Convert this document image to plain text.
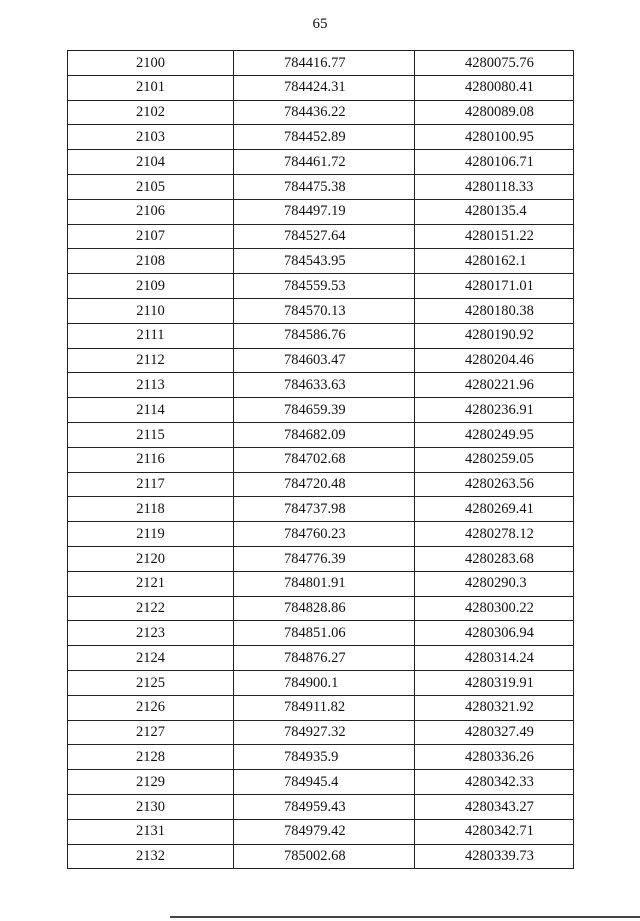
65
2100	784416.77	4280075.76
2101	784424.31	4280080.41
2102	784436.22	4280089.08
2103	784452.89	4280100.95
2104	784461.72	4280106.71
2105	784475.38	4280118.33
2106	784497.19	4280135.4
2107	784527.64	4280151.22
2108	784543.95	4280162.1
2109	784559.53	4280171.01
2110	784570.13	4280180.38
2111	784586.76	4280190.92
2112	784603.47	4280204.46
2113	784633.63	4280221.96
2114	784659.39	4280236.91
2115	784682.09	4280249.95
2116	784702.68	4280259.05
2117	784720.48	4280263.56
2118	784737.98	4280269.41
2119	784760.23	4280278.12
2120	784776.39	4280283.68
2121	784801.91	4280290.3
2122	784828.86	4280300.22
2123	784851.06	4280306.94
2124	784876.27	4280314.24
2125	784900.1	4280319.91
2126	784911.82	4280321.92
2127	784927.32	4280327.49
2128	784935.9	4280336.26
2129	784945.4	4280342.33
2130	784959.43	4280343.27
2131	784979.42	4280342.71
2132	785002.68	4280339.73
